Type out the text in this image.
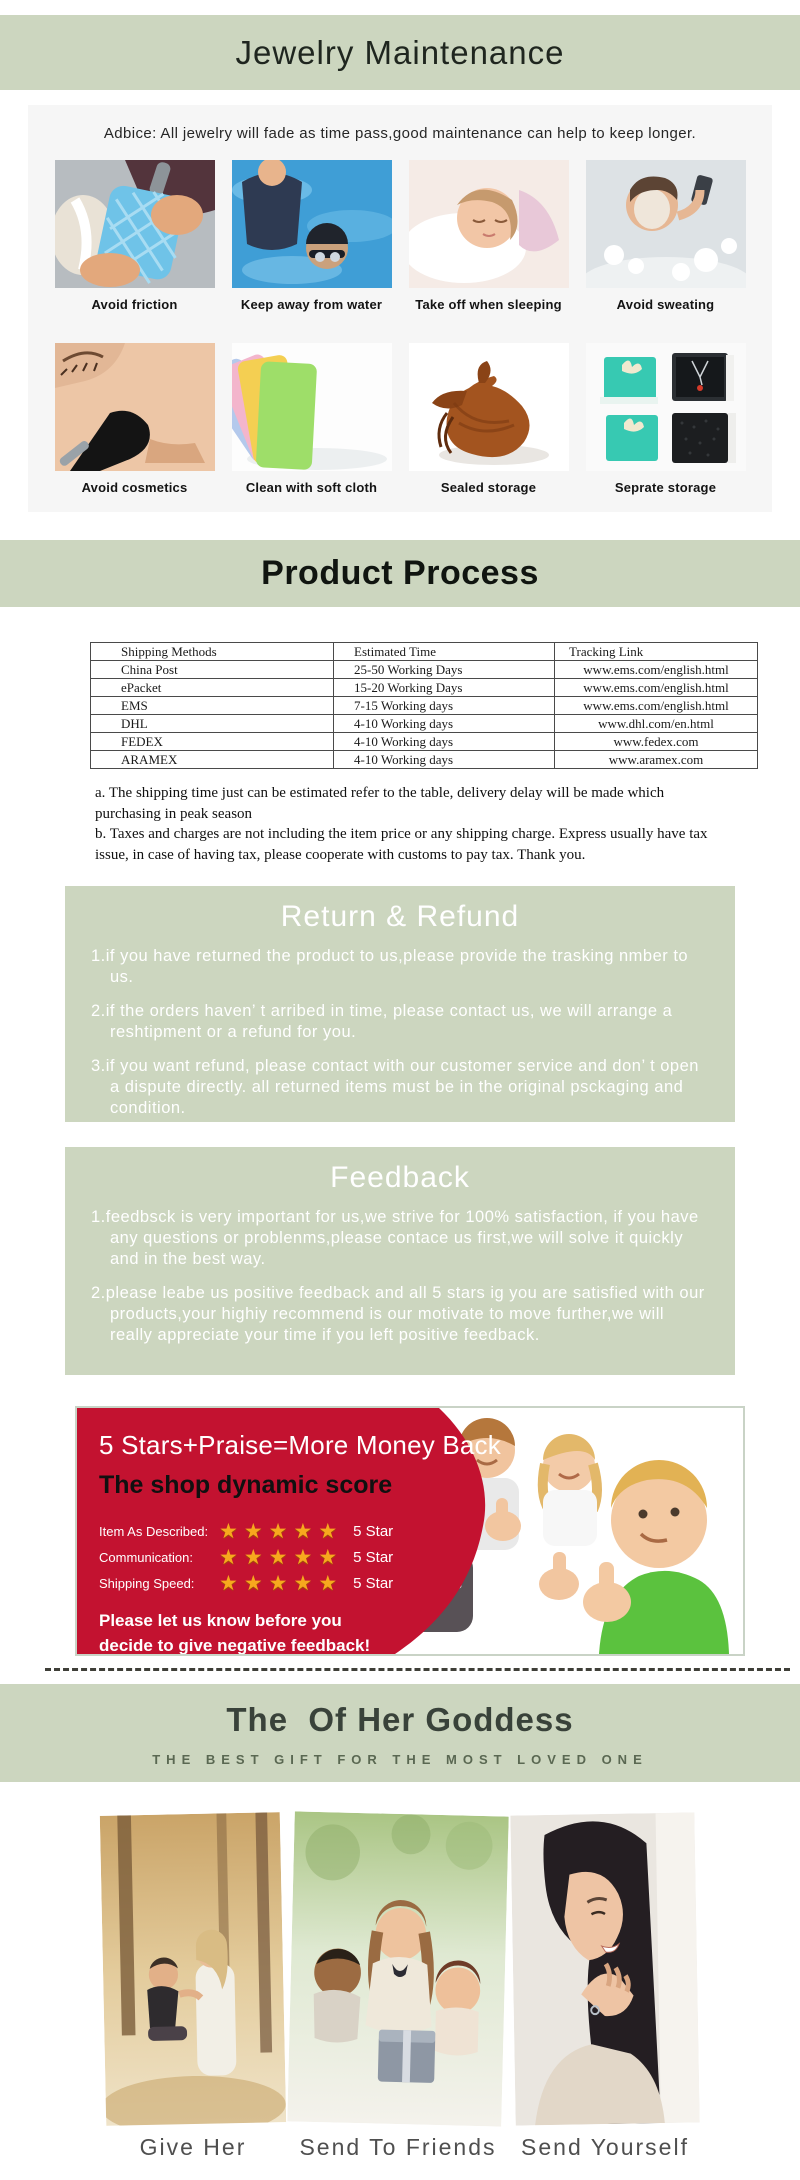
Jewelry Maintenance

Adbice: All jewelry will fade as time pass,good maintenance can help to keep longer.

Avoid friction	Keep away from water	Take off when sleeping	Avoid sweating
Avoid cosmetics	Clean with soft cloth	Sealed storage	Seprate storage
Product Process
Shipping Methods	Estimated Time	Tracking Link
China Post	25-50 Working Days	www.ems.com/english.html
ePacket	15-20 Working Days	www.ems.com/english.html
EMS	7-15 Working days	www.ems.com/english.html
DHL	4-10 Working days	www.dhl.com/en.html
FEDEX	4-10 Working days	www.fedex.com
ARAMEX	4-10 Working days	www.aramex.com

a. The shipping time just can be estimated refer to the table, delivery delay will be made which purchasing in peak season

b. Taxes and charges are not including the item price or any shipping charge. Express usually have tax issue, in case of having tax, please cooperate with customs to pay tax. Thank you.

Return & Refund

1.if you have returned the product to us,please provide the trasking nmber to us.

2.if the orders haven’ t arribed in time, please contact us, we will arrange a reshtipment or a refund for you.

3.if you want refund, please contact with our customer service and don’ t open a dispute directly. all returned items must be in the original psckaging and condition.

Feedback

1.feedbsck is very important for us,we strive for 100% satisfaction, if you have any questions or problenms,please contace us first,we will solve it quickly and in the best way.

2.please leabe us positive feedback and all 5 stars ig you are satisfied with our products,your highiy recommend is our motivate to move further,we will really appreciate your time if you left positive feedback.

5 Stars+Praise=More Money Back
The shop dynamic score
Item As Described: ★ ★ ★ ★ ★ 5 Star
Communication:	★ ★ ★ ★ ★ 5 Star
Shipping Speed:	★ ★ ★ ★ ★ 5 Star

Please let us know before you

decide to give negative feedback!

The  Of Her Goddess

THE BEST GIFT FOR THE MOST LOVED ONE

Give Her	Send To Friends	Send Yourself
